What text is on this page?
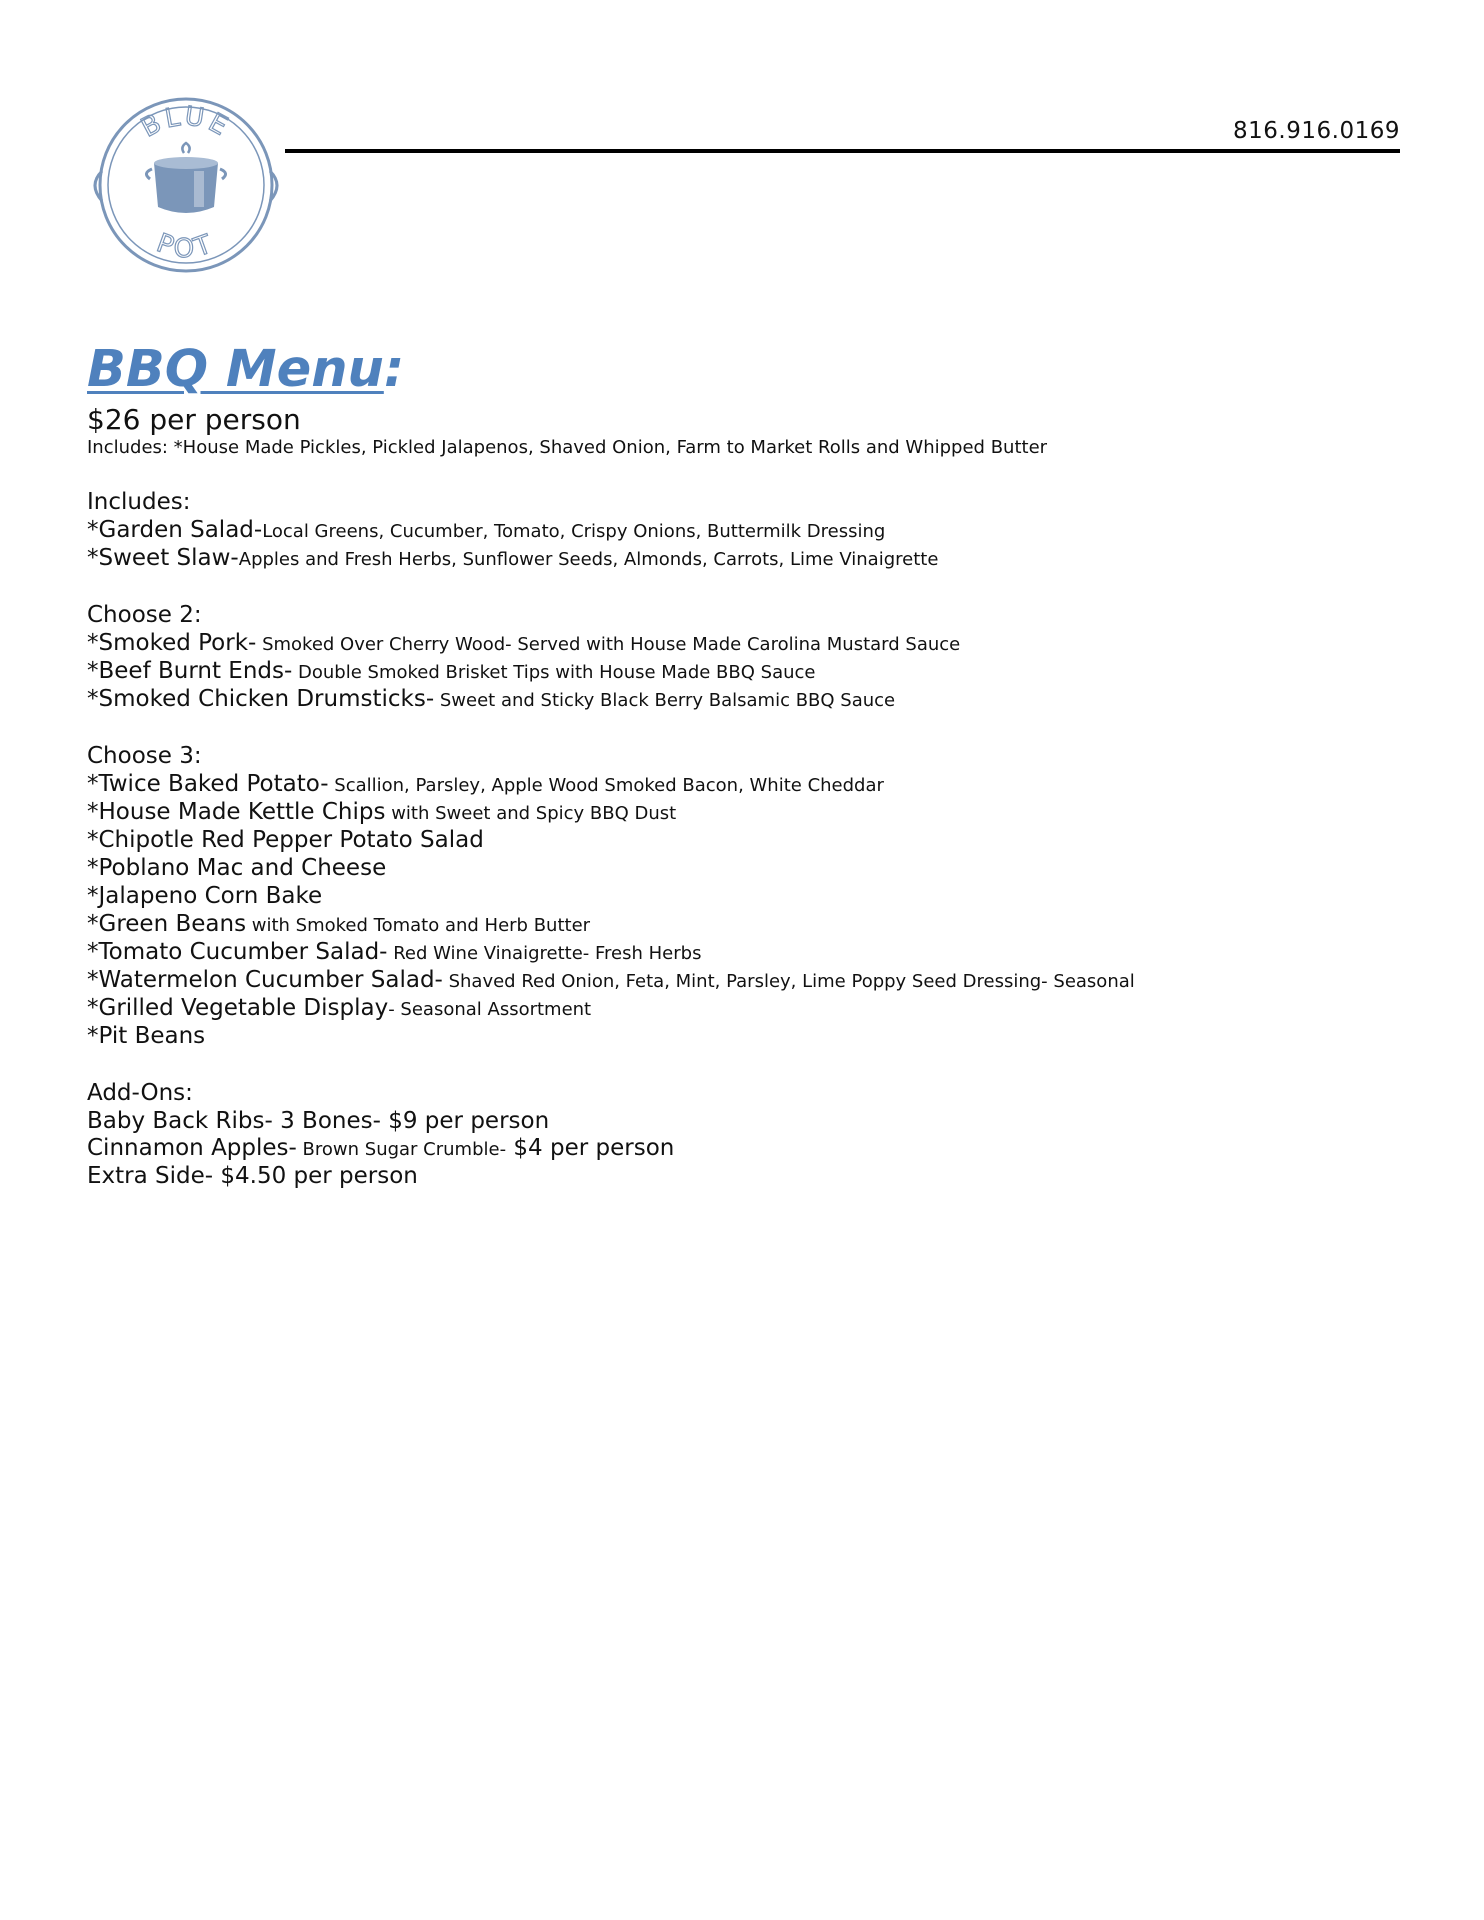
BLUE
POT
816.916.0169
BBQ Menu:
$26 per person
Includes: *House Made Pickles, Pickled Jalapenos, Shaved Onion, Farm to Market Rolls and Whipped Butter
Includes:
*Garden Salad-Local Greens, Cucumber, Tomato, Crispy Onions, Buttermilk Dressing
*Sweet Slaw-Apples and Fresh Herbs, Sunflower Seeds, Almonds, Carrots, Lime Vinaigrette
Choose 2:
*Smoked Pork- Smoked Over Cherry Wood- Served with House Made Carolina Mustard Sauce
*Beef Burnt Ends- Double Smoked Brisket Tips with House Made BBQ Sauce
*Smoked Chicken Drumsticks- Sweet and Sticky Black Berry Balsamic BBQ Sauce
Choose 3:
*Twice Baked Potato- Scallion, Parsley, Apple Wood Smoked Bacon, White Cheddar
*House Made Kettle Chips with Sweet and Spicy BBQ Dust
*Chipotle Red Pepper Potato Salad
*Poblano Mac and Cheese
*Jalapeno Corn Bake
*Green Beans with Smoked Tomato and Herb Butter
*Tomato Cucumber Salad- Red Wine Vinaigrette- Fresh Herbs
*Watermelon Cucumber Salad- Shaved Red Onion, Feta, Mint, Parsley, Lime Poppy Seed Dressing- Seasonal
*Grilled Vegetable Display- Seasonal Assortment
*Pit Beans
Add-Ons:
Baby Back Ribs- 3 Bones- $9 per person
Cinnamon Apples- Brown Sugar Crumble- $4 per person
Extra Side- $4.50 per person
